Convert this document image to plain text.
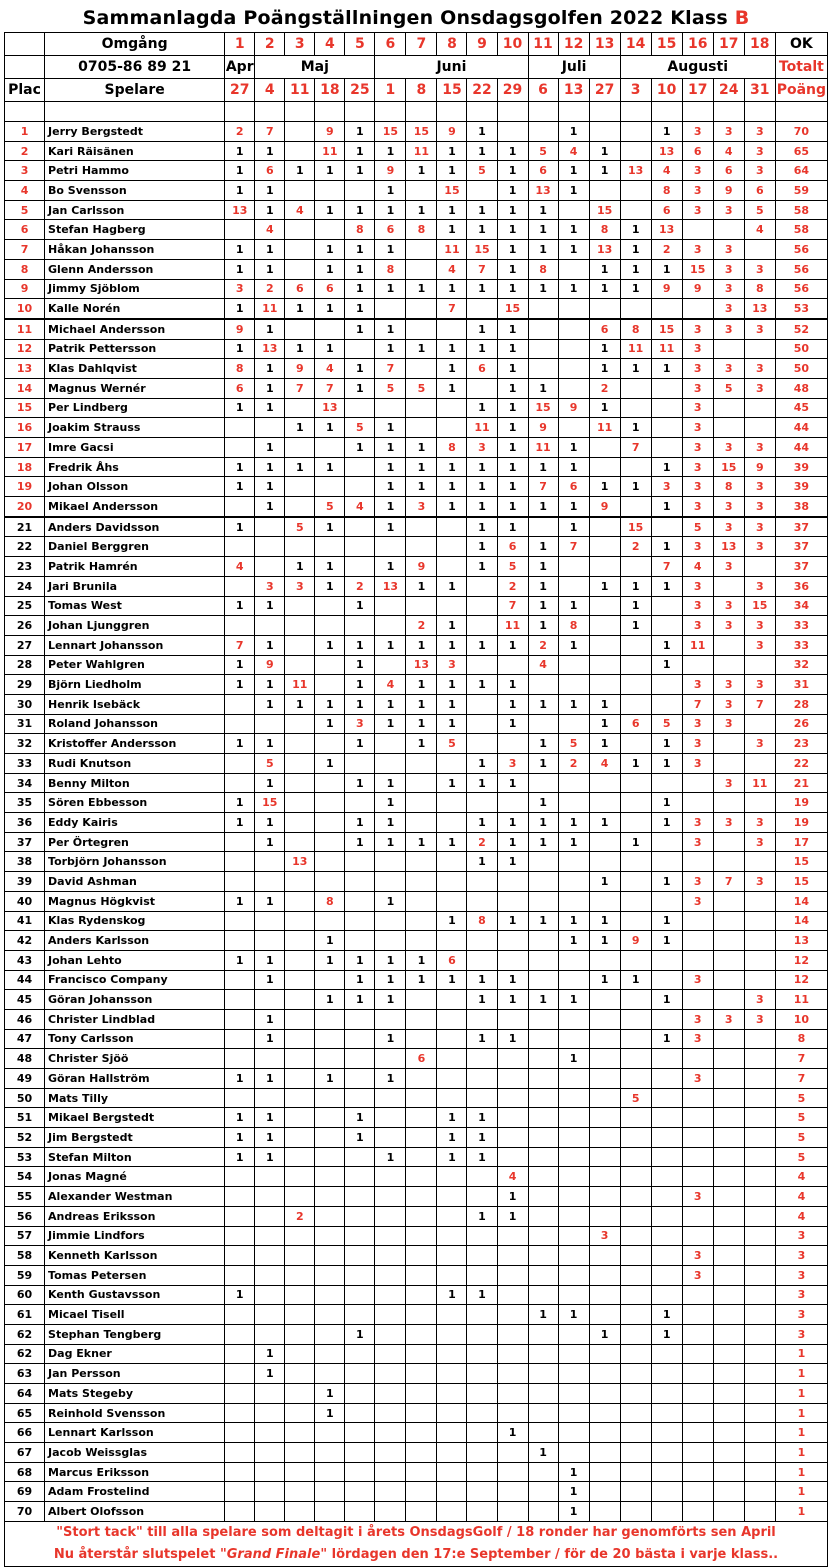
Sammanlagda Poängställningen Onsdagsgolfen 2022 Klass B																				
	Omgång	1	2	3	4	5	6	7	8	9	10	11	12	13	14	15	16	17	18	OK
	0705-86 89 21	Apr	Maj				Juni					Juli			Augusti					Totalt
Plac	Spelare	27	4	11	18	25	1	8	15	22	29	6	13	27	3	10	17	24	31	Poäng

1	Jerry Bergstedt	2	7		9	1	15	15	9	1			1			1	3	3	3	70
2	Kari Räisänen	1	1		11	1	1	11	1	1	1	5	4	1		13	6	4	3	65
3	Petri Hammo	1	6	1	1	1	9	1	1	5	1	6	1	1	13	4	3	6	3	64
4	Bo Svensson	1	1				1		15		1	13	1			8	3	9	6	59
5	Jan Carlsson	13	1	4	1	1	1	1	1	1	1	1		15		6	3	3	5	58
6	Stefan Hagberg		4			8	6	8	1	1	1	1	1	8	1	13			4	58
7	Håkan Johansson	1	1		1	1	1		11	15	1	1	1	13	1	2	3	3		56
8	Glenn Andersson	1	1		1	1	8		4	7	1	8		1	1	1	15	3	3	56
9	Jimmy Sjöblom	3	2	6	6	1	1	1	1	1	1	1	1	1	1	9	9	3	8	56
10	Kalle Norén	1	11	1	1	1			7		15							3	13	53
11	Michael Andersson	9	1			1	1			1	1			6	8	15	3	3	3	52
12	Patrik Pettersson	1	13	1	1		1	1	1	1	1			1	11	11	3			50
13	Klas Dahlqvist	8	1	9	4	1	7		1	6	1			1	1	1	3	3	3	50
14	Magnus Wernér	6	1	7	7	1	5	5	1		1	1		2			3	5	3	48
15	Per Lindberg	1	1		13					1	1	15	9	1			3			45
16	Joakim Strauss			1	1	5	1			11	1	9		11	1		3			44
17	Imre Gacsi		1			1	1	1	8	3	1	11	1		7		3	3	3	44
18	Fredrik Åhs	1	1	1	1		1	1	1	1	1	1	1			1	3	15	9	39
19	Johan Olsson	1	1				1	1	1	1	1	7	6	1	1	3	3	8	3	39
20	Mikael Andersson		1		5	4	1	3	1	1	1	1	1	9		1	3	3	3	38
21	Anders Davidsson	1		5	1		1			1	1		1		15		5	3	3	37
22	Daniel Berggren									1	6	1	7		2	1	3	13	3	37
23	Patrik Hamrén	4		1	1		1	9		1	5	1				7	4	3		37
24	Jari Brunila		3	3	1	2	13	1	1		2	1		1	1	1	3		3	36
25	Tomas West	1	1			1					7	1	1		1		3	3	15	34
26	Johan Ljunggren							2	1		11	1	8		1		3	3	3	33
27	Lennart Johansson	7	1		1	1	1	1	1	1	1	2	1			1	11		3	33
28	Peter Wahlgren	1	9			1		13	3			4				1				32
29	Björn Liedholm	1	1	11		1	4	1	1	1	1						3	3	3	31
30	Henrik Isebäck		1	1	1	1	1	1	1		1	1	1	1			7	3	7	28
31	Roland Johansson				1	3	1	1	1		1			1	6	5	3	3		26
32	Kristoffer Andersson	1	1			1		1	5			1	5	1		1	3		3	23
33	Rudi Knutson		5		1					1	3	1	2	4	1	1	3			22
34	Benny Milton		1			1	1		1	1	1							3	11	21
35	Sören Ebbesson	1	15				1					1				1				19
36	Eddy Kairis	1	1			1	1			1	1	1	1	1		1	3	3	3	19
37	Per Örtegren		1			1	1	1	1	2	1	1	1		1		3		3	17
38	Torbjörn Johansson			13						1	1									15
39	David Ashman													1		1	3	7	3	15
40	Magnus Högkvist	1	1		8		1										3			14
41	Klas Rydenskog								1	8	1	1	1	1		1				14
42	Anders Karlsson				1								1	1	9	1				13
43	Johan Lehto	1	1		1	1	1	1	6											12
44	Francisco Company		1			1	1	1	1	1	1			1	1		3			12
45	Göran Johansson				1	1	1			1	1	1	1			1			3	11
46	Christer Lindblad		1														3	3	3	10
47	Tony Carlsson		1				1			1	1					1	3			8
48	Christer Sjöö							6					1							7
49	Göran Hallström	1	1		1		1										3			7
50	Mats Tilly														5					5
51	Mikael Bergstedt	1	1			1			1	1										5
52	Jim Bergstedt	1	1			1			1	1										5
53	Stefan Milton	1	1				1		1	1										5
54	Jonas Magné										4									4
55	Alexander Westman										1						3			4
56	Andreas Eriksson			2						1	1									4
57	Jimmie Lindfors													3						3
58	Kenneth Karlsson																3			3
59	Tomas Petersen																3			3
60	Kenth Gustavsson	1							1	1										3
61	Micael Tisell											1	1			1				3
62	Stephan Tengberg					1								1		1				3
62	Dag Ekner		1																	1
63	Jan Persson		1																	1
64	Mats Stegeby				1															1
65	Reinhold Svensson				1															1
66	Lennart Karlsson										1									1
67	Jacob Weissglas											1								1
68	Marcus Eriksson												1							1
69	Adam Frostelind												1							1
70	Albert Olofsson												1							1
"Stort tack" till alla spelare som deltagit i årets OnsdagsGolf / 18 ronder har genomförts sen April																				
Nu återstår slutspelet "Grand Finale" lördagen den 17:e September / för de 20 bästa i varje klass..																				
